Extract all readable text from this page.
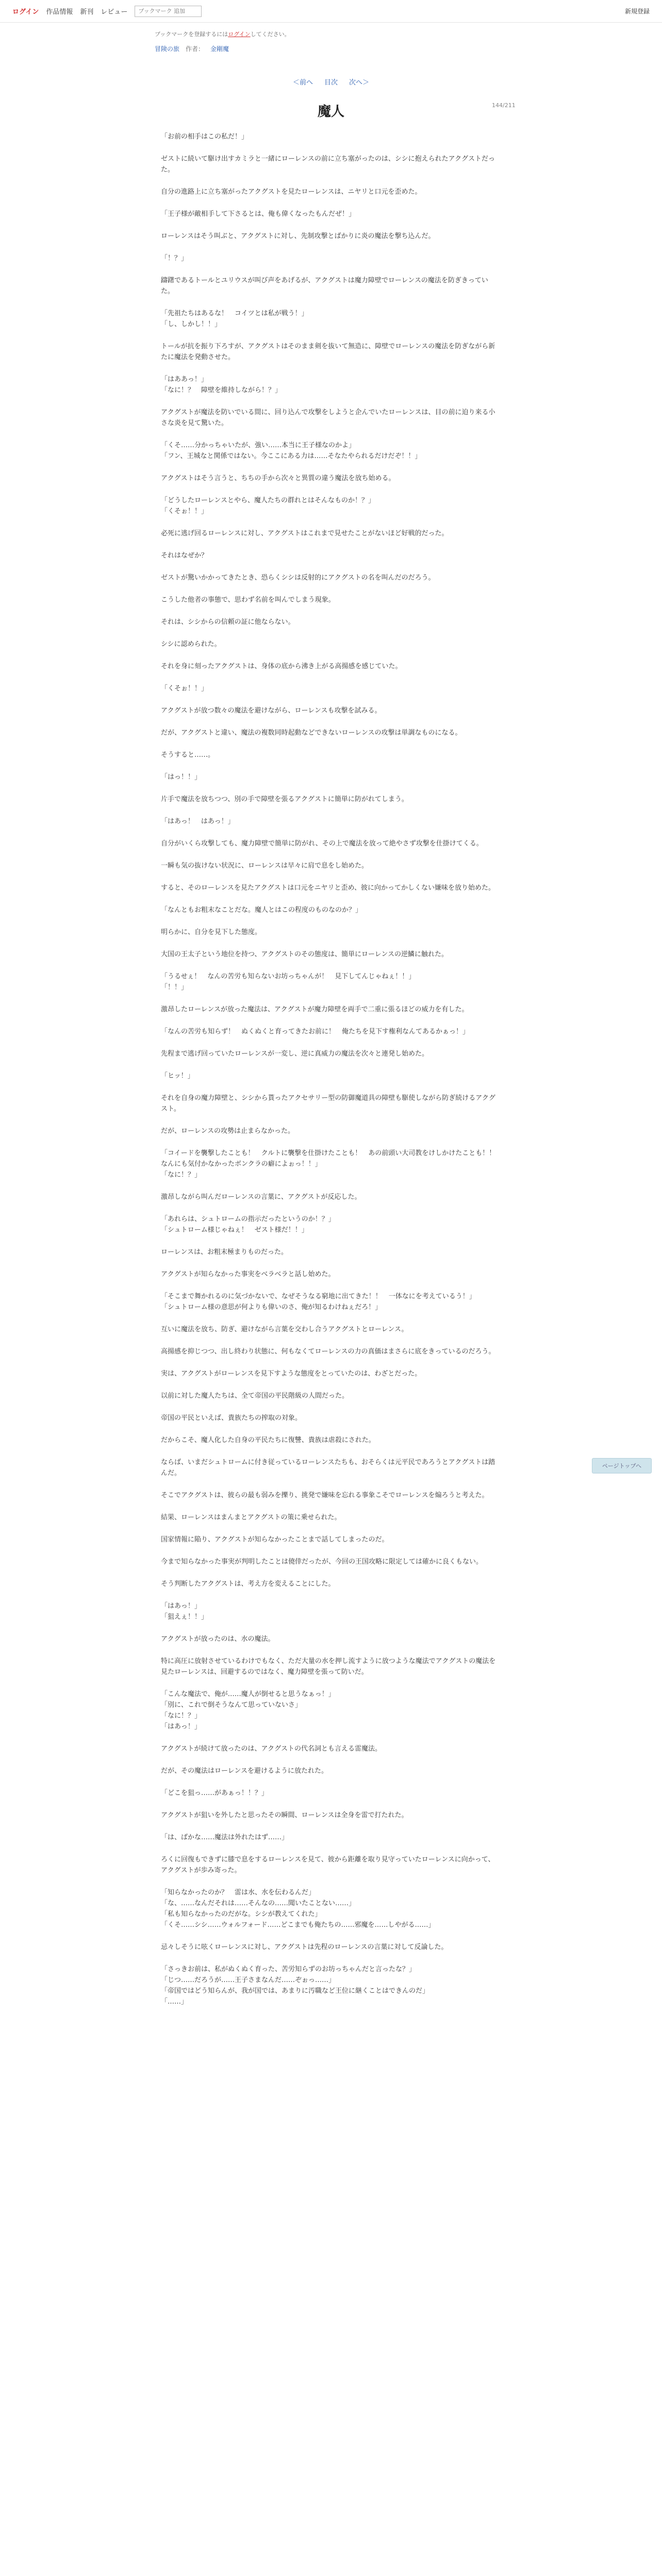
ログイン 作品情報 新刊 レビュー
ブックマーク 追加	新規登録
ブックマークを登録するにはログインしてください。
冒険の旅 作者： 金剛魔
＜前へ 目次 次へ＞
144/211
魔人

「お前の相手はこの私だ！」

ゼストに続いて駆け出すカミラと一緒にローレンスの前に立ち塞がったのは、シシに抱えられたアクグストだった。

自分の進路上に立ち塞がったアクグストを見たローレンスは、ニヤリと口元を歪めた。

「王子様が敵相手して下さるとは、俺も偉くなったもんだぜ！」

ローレンスはそう叫ぶと、アクグストに対し、先制攻撃とばかりに炎の魔法を撃ち込んだ。

「！？」

躊躇であるトールとユリウスが叫び声をあげるが、アクグストは魔力障壁でローレンスの魔法を防ぎきっていた。

「先祖たちはあるな！　コイツとは私が戦う！」
「し、しかし！！」

トールが抗を振り下ろすが、アクグストはそのまま剣を抜いて無造に、障壁でローレンスの魔法を防ぎながら新たに魔法を発動させた。

「はああっ！」
「なに！？　障壁を維持しながら！？」

アクグストが魔法を防いでいる間に、回り込んで攻撃をしようと企んでいたローレンスは、目の前に迫り来る小さな炎を見て驚いた。

「くそ……分かっちゃいたが、強い……本当に王子様なのかよ」
「フン、王城なと関係ではない。今ここにある力は……そなたやられるだけだぞ！！」

アクグストはそう言うと、ちちの手から次々と異質の違う魔法を放ち始める。

「どうしたローレンスとやら、魔人たちの群れとはそんなものか！？」
「くそぉ！！」

必死に逃げ回るローレンスに対し、アクグストはこれまで見せたことがないほど好戦的だった。

それはなぜか？

ゼストが驚いかかってきたとき、恐らくシシは反射的にアクグストの名を叫んだのだろう。

こうした他者の事態で、思わず名前を叫んでしまう現象。

それは、シシからの信頼の証に他ならない。

シシに認められた。

それを身に刻ったアクグストは、身体の底から沸き上がる高揚感を感じていた。

「くそぉ！！」

アクグストが放つ数々の魔法を避けながら、ローレンスも攻撃を試みる。

だが、アクグストと違い、魔法の複数同時起動などできないローレンスの攻撃は単調なものになる。

そうすると……。

「はっ！！」

片手で魔法を放ちつつ、別の手で障壁を張るアクグストに簡単に防がれてしまう。

「はあっ！　はあっ！」

自分がいくら攻撃しても、魔力障壁で簡単に防がれ、その上で魔法を放って絶やさず攻撃を仕掛けてくる。

一瞬も気の抜けない状況に、ローレンスは早々に肩で息をし始めた。

すると、そのローレンスを見たアクグストは口元をニヤリと歪め、彼に向かってかしくない嫌味を放り始めた。

「なんともお粗末なことだな。魔人とはこの程度のものなのか？」

明らかに、自分を見下した態度。

大国の王太子という地位を持つ、アクグストのその態度は、簡単にローレンスの逆鱗に触れた。

「うるせぇ！　なんの苦労も知らないお坊っちゃんが！　見下してんじゃねぇ！！」
「！！」

激昂したローレンスが放った魔法は、アクグストが魔力障壁を両手で二重に張るほどの威力を有した。

「なんの苦労も知らず！　ぬくぬくと育ってきたお前に！　俺たちを見下す権利なんてあるかぁっ！」

先程まで逃げ回っていたローレンスが一変し、逆に真威力の魔法を次々と連発し始めた。

「ヒッ！」

それを自身の魔力障壁と、シシから貰ったアクセサリー型の防御魔道具の障壁も駆使しながら防ぎ続けるアクグスト。

だが、ローレンスの攻勢は止まらなかった。

「コイードを襲撃したことも！　クルトに襲撃を仕掛けたことも！　あの前頭い大司教をけしかけたことも！！　なんにも気付かなかったボンクラの癖によぉっ！！」
「なに！？」

激昂しながら叫んだローレンスの言葉に、アクグストが反応した。

「あれらは、シュトロームの指示だったというのか！？」
「シュトローム様じゃねぇ！　ゼスト様だ！！」

ローレンスは、お粗末極まりものだった。

アクグストが知らなかった事実をべラべラと話し始めた。

「そこまで舞かれるのに気づかないで、なぜそうなる窮地に出てきた！！　一体なにを考えているう！」
「シュトローム様の意思が何よりも偉いのさ、俺が知るわけねぇだろ！」

互いに魔法を放ち、防ぎ、避けながら言葉を交わし合うアクグストとローレンス。

高揚感を抑じつつ、出し終わり状態に、何もなくてローレンスの力の真価はまさらに底をきっているのだろう。

実は、アクグストがローレンスを見下すような態度をとっていたのは、わざとだった。

以前に対した魔人たちは、全て帝国の平民階級の人間だった。

帝国の平民といえば、貴族たちの搾取の対象。

だからこそ、魔人化した自身の平民たちに復讐、貴族は虐殺にされた。

ならば、いまだシュトロームに付き従っているローレンスたちも、おそらくは元平民であろうとアクグストは踏んだ。

そこでアクグストは、彼らの最も弱みを擽り、挑発で嫌味を忘れる事象こそでローレンスを煽ろうと考えた。

結果、ローレンスはまんまとアクグストの策に乗せられた。

国家情報に陥り、アクグストが知らなかったことまで話してしまったのだ。

今まで知らなかった事実が判明したことは僥倖だったが、今回の王国攻略に限定しては確かに良くもない。

そう判断したアクグストは、考え方を変えることにした。

「はあっ！」
「狙えぇ！！」

アクグストが放ったのは、水の魔法。

特に高圧に放射させているわけでもなく、ただ大量の水を押し流すように放つような魔法でアクグストの魔法を見たローレンスは、回避するのではなく、魔力障壁を張って防いだ。

「こんな魔法で、俺が……魔人が倒せると思うなぁっ！」
「別に、これで倒そうなんて思っていないさ」
「なに！？」
「はあっ！」

アクグストが続けて放ったのは、アクグストの代名詞とも言える雷魔法。

だが、その魔法はローレンスを避けるように放たれた。

「どこを狙っ……があぁっ！！？」

アクグストが狙いを外したと思ったその瞬間、ローレンスは全身を雷で打たれた。

「は、ばかな……魔法は外れたはず……」

ろくに回復もできずに膝で息をするローレンスを見て、彼から距離を取り見守っていたローレンスに向かって、アクグストが歩み寄った。

「知らなかったのか？　雷は水、水を伝わるんだ」
「な、……なんだそれは……そんなの……聞いたことない……」
「私も知らなかったのだがな。シシが教えてくれた」
「くそ……シシ……ウォルフォード……どこまでも俺たちの……邪魔を……しやがる……」

忌々しそうに呟くローレンスに対し、アクグストは先程のローレンスの言葉に対して反論した。

「さっきお前は、私がぬくぬく育った、苦労知らずのお坊っちゃんだと言ったな？」
「じつ……だろうが……王子さまなんだ……ぞぉっ……」
「帝国ではどう知らんが、我が国では、あまりに汚職など王位に継くことはできんのだ」
「……」

ページトップへ
